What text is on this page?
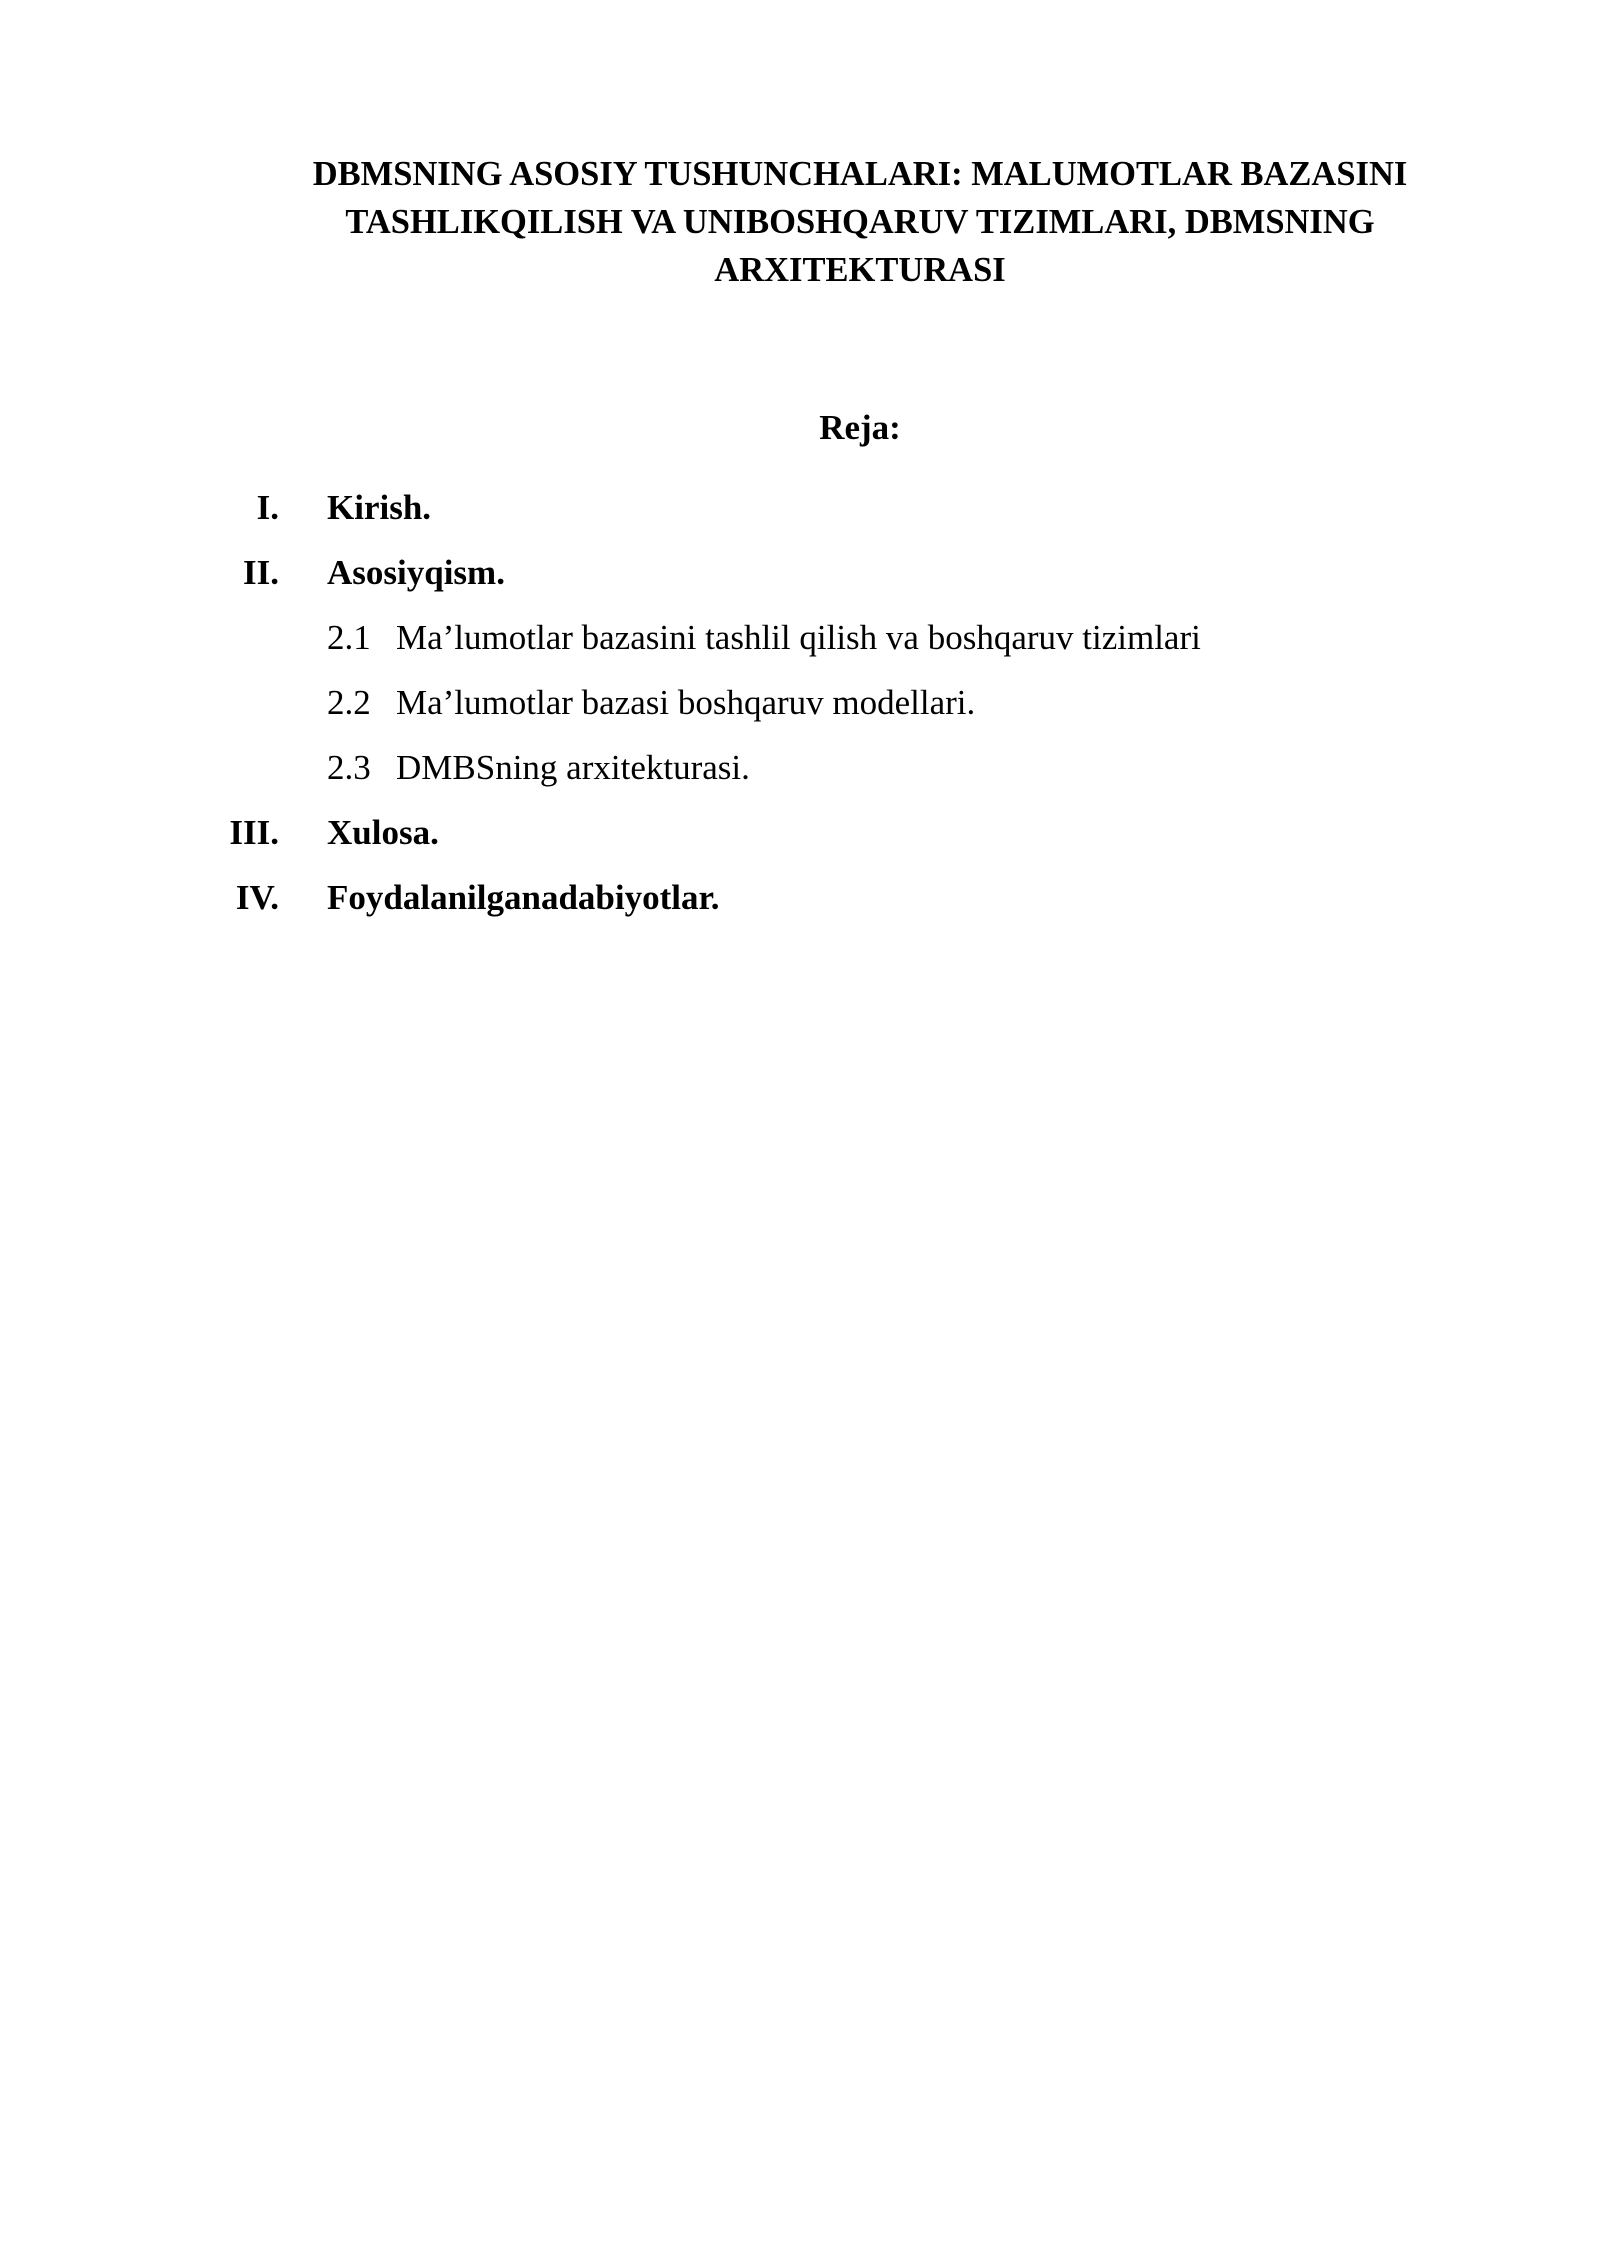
DBMSNING ASOSIY TUSHUNCHALARI: MALUMOTLAR BAZASINI TASHLIKQILISH VA UNIBOSHQARUV TIZIMLARI, DBMSNING ARXITEKTURASI
Reja:
I. Kirish.
II. Asosiyqism.
2.1 Ma’lumotlar bazasini tashlil qilish va boshqaruv tizimlari
2.2 Ma’lumotlar bazasi boshqaruv modellari.
2.3 DMBSning arxitekturasi.
III. Xulosa.
IV. Foydalanilganadabiyotlar.
